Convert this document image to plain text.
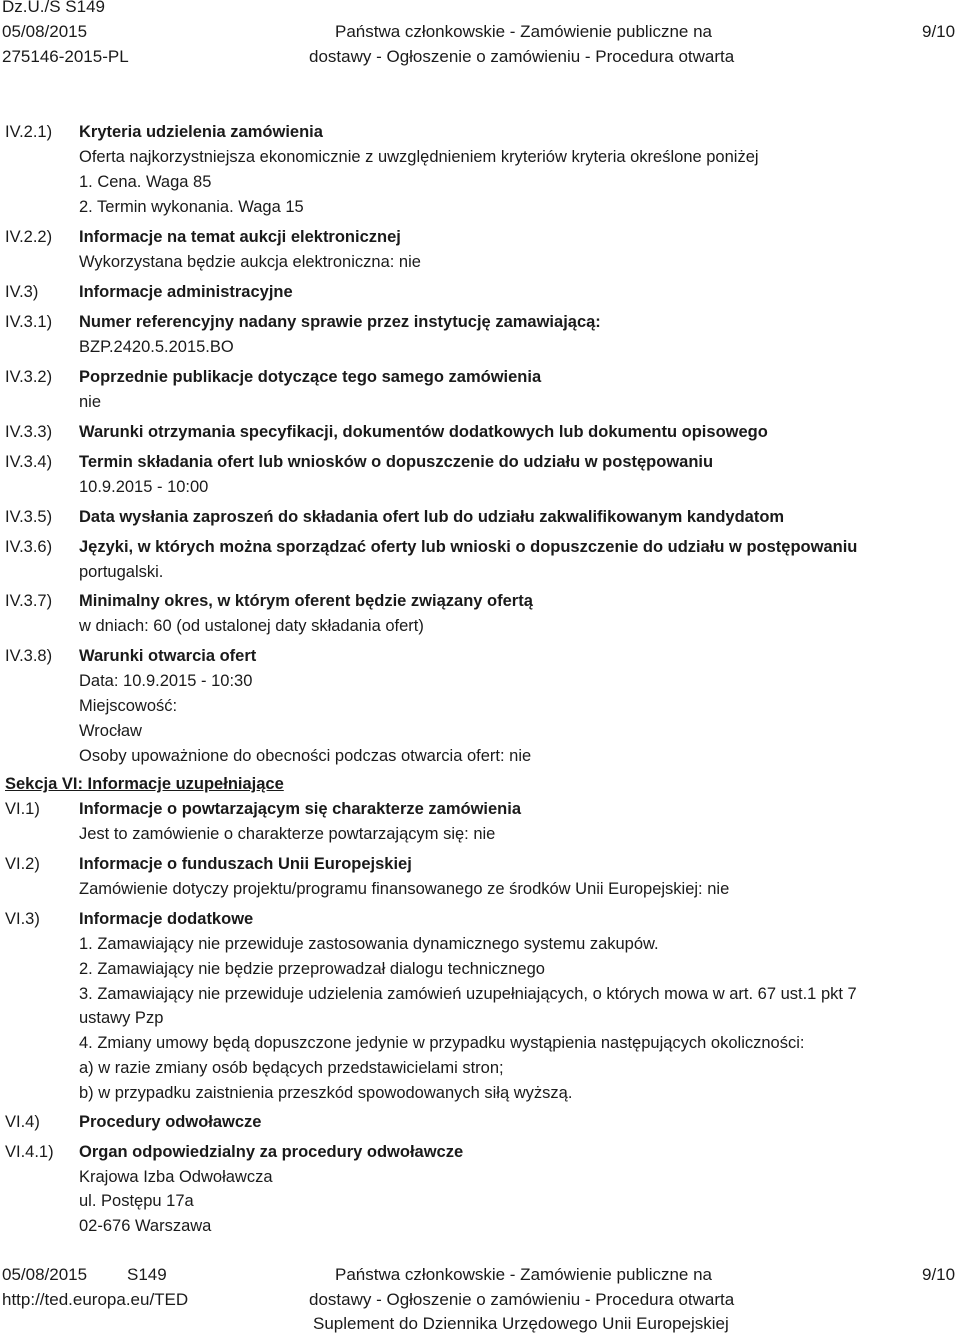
Dz.U./S S149
05/08/2015
275146-2015-PL
Państwa członkowskie - Zamówienie publiczne na
dostawy - Ogłoszenie o zamówieniu - Procedura otwarta
9/10
IV.2.1) Kryteria udzielenia zamówienia
Oferta najkorzystniejsza ekonomicznie z uwzględnieniem kryteriów kryteria określone poniżej
1. Cena. Waga 85
2. Termin wykonania. Waga 15
IV.2.2) Informacje na temat aukcji elektronicznej
Wykorzystana będzie aukcja elektroniczna: nie
IV.3) Informacje administracyjne
IV.3.1) Numer referencyjny nadany sprawie przez instytucję zamawiającą:
BZP.2420.5.2015.BO
IV.3.2) Poprzednie publikacje dotyczące tego samego zamówienia
nie
IV.3.3) Warunki otrzymania specyfikacji, dokumentów dodatkowych lub dokumentu opisowego
IV.3.4) Termin składania ofert lub wniosków o dopuszczenie do udziału w postępowaniu
10.9.2015 - 10:00
IV.3.5) Data wysłania zaproszeń do składania ofert lub do udziału zakwalifikowanym kandydatom
IV.3.6) Języki, w których można sporządzać oferty lub wnioski o dopuszczenie do udziału w postępowaniu
portugalski.
IV.3.7) Minimalny okres, w którym oferent będzie związany ofertą
w dniach: 60 (od ustalonej daty składania ofert)
IV.3.8) Warunki otwarcia ofert
Data: 10.9.2015 - 10:30
Miejscowość:
Wrocław
Osoby upoważnione do obecności podczas otwarcia ofert: nie
Sekcja VI: Informacje uzupełniające
VI.1) Informacje o powtarzającym się charakterze zamówienia
Jest to zamówienie o charakterze powtarzającym się: nie
VI.2) Informacje o funduszach Unii Europejskiej
Zamówienie dotyczy projektu/programu finansowanego ze środków Unii Europejskiej: nie
VI.3) Informacje dodatkowe
1. Zamawiający nie przewiduje zastosowania dynamicznego systemu zakupów.
2. Zamawiający nie będzie przeprowadzał dialogu technicznego
3. Zamawiający nie przewiduje udzielenia zamówień uzupełniających, o których mowa w art. 67 ust.1 pkt 7
ustawy Pzp
4. Zmiany umowy będą dopuszczone jedynie w przypadku wystąpienia następujących okoliczności:
a) w razie zmiany osób będących przedstawicielami stron;
b) w przypadku zaistnienia przeszkód spowodowanych siłą wyższą.
VI.4) Procedury odwoławcze
VI.4.1) Organ odpowiedzialny za procedury odwoławcze
Krajowa Izba Odwoławcza
ul. Postępu 17a
02-676 Warszawa
05/08/2015 S149
http://ted.europa.eu/TED
Państwa członkowskie - Zamówienie publiczne na
dostawy - Ogłoszenie o zamówieniu - Procedura otwarta
Suplement do Dziennika Urzędowego Unii Europejskiej
9/10
